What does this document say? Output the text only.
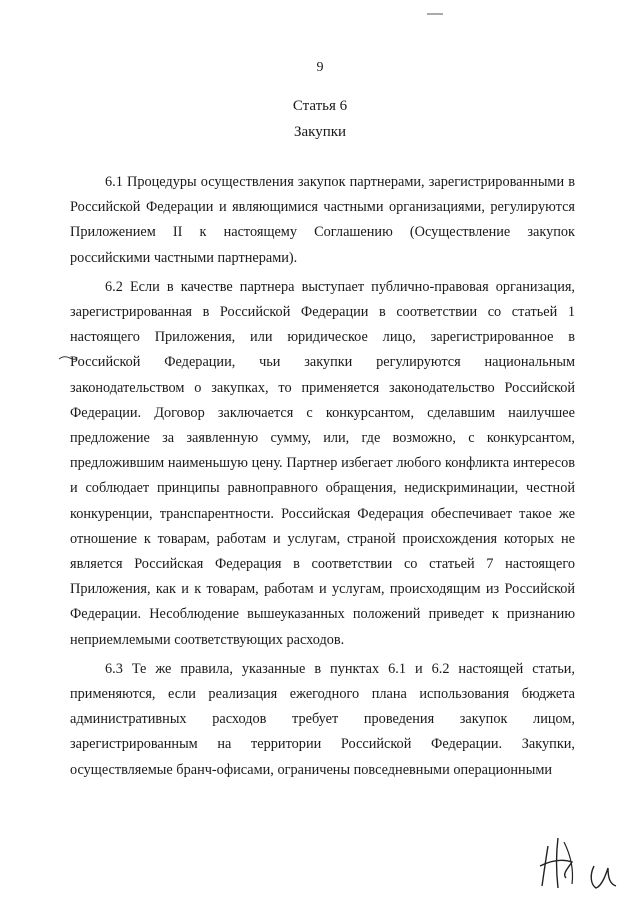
9
Статья 6
Закупки

6.1 Процедуры осуществления закупок партнерами, зарегистрированными в Российской Федерации и являющимися частными организациями, регулируются Приложением II к настоящему Соглашению (Осуществление закупок российскими частными партнерами).

6.2 Если в качестве партнера выступает публично-правовая организация, зарегистрированная в Российской Федерации в соответствии со статьей 1 настоящего Приложения, или юридическое лицо, зарегистрированное в Российской Федерации, чьи закупки регулируются национальным законодательством о закупках, то применяется законодательство Российской Федерации. Договор заключается с конкурсантом, сделавшим наилучшее предложение за заявленную сумму, или, где возможно, с конкурсантом, предложившим наименьшую цену. Партнер избегает любого конфликта интересов и соблюдает принципы равноправного обращения, недискриминации, честной конкуренции, транспарентности. Российская Федерация обеспечивает такое же отношение к товарам, работам и услугам, страной происхождения которых не является Российская Федерация в соответствии со статьей 7 настоящего Приложения, как и к товарам, работам и услугам, происходящим из Российской Федерации. Несоблюдение вышеуказанных положений приведет к признанию неприемлемыми соответствующих расходов.

6.3 Те же правила, указанные в пунктах 6.1 и 6.2 настоящей статьи, применяются, если реализация ежегодного плана использования бюджета административных расходов требует проведения закупок лицом, зарегистрированным на территории Российской Федерации. Закупки, осуществляемые бранч-офисами, ограничены повседневными операционными
